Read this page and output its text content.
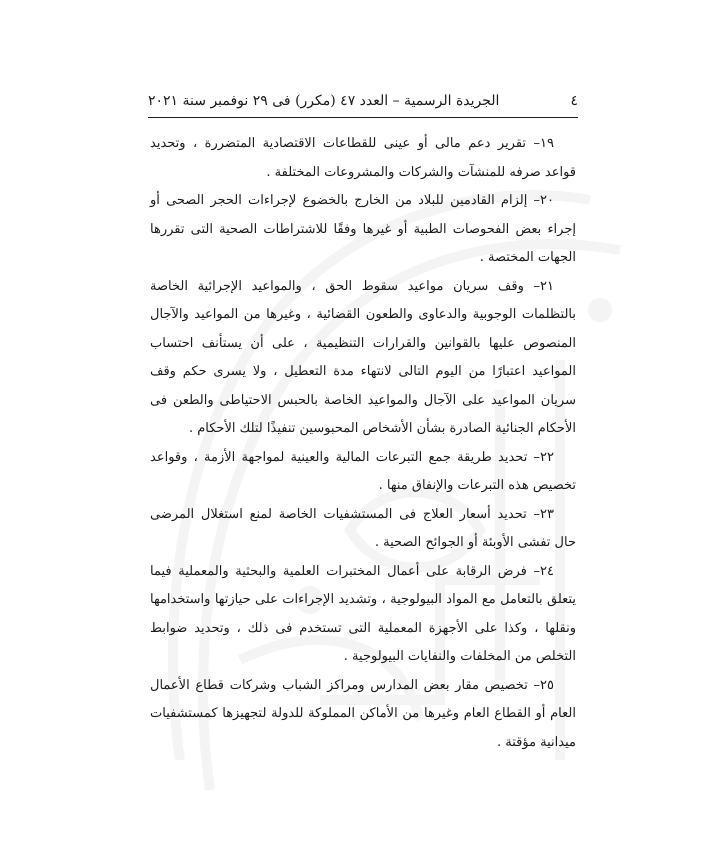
٤
الجريدة الرسمية – العدد ٤٧ (مكرر) فى ٢٩ نوفمبر سنة ٢٠٢١

١٩– تقرير دعم مالى أو عينى للقطاعات الاقتصادية المتضررة ، وتحديد قواعد صرفه للمنشآت والشركات والمشروعات المختلفة .

٢٠– إلزام القادمين للبلاد من الخارج بالخضوع لإجراءات الحجر الصحى أو إجراء بعض الفحوصات الطبية أو غيرها وفقًا للاشتراطات الصحية التى تقررها الجهات المختصة .

٢١– وقف سريان مواعيد سقوط الحق ، والمواعيد الإجرائية الخاصة بالتظلمات الوجوبية والدعاوى والطعون القضائية ، وغيرها من المواعيد والآجال المنصوص عليها بالقوانين والقرارات التنظيمية ، على أن يستأنف احتساب المواعيد اعتبارًا من اليوم التالى لانتهاء مدة التعطيل ، ولا يسرى حكم وقف سريان المواعيد على الآجال والمواعيد الخاصة بالحبس الاحتياطى والطعن فى الأحكام الجنائية الصادرة بشأن الأشخاص المحبوسين تنفيذًا لتلك الأحكام .

٢٢– تحديد طريقة جمع التبرعات المالية والعينية لمواجهة الأزمة ، وقواعد تخصيص هذه التبرعات والإنفاق منها .

٢٣– تحديد أسعار العلاج فى المستشفيات الخاصة لمنع استغلال المرضى حال تفشى الأوبئة أو الجوائح الصحية .

٢٤– فرض الرقابة على أعمال المختبرات العلمية والبحثية والمعملية فيما يتعلق بالتعامل مع المواد البيولوجية ، وتشديد الإجراءات على حيازتها واستخدامها ونقلها ، وكذا على الأجهزة المعملية التى تستخدم فى ذلك ، وتحديد ضوابط التخلص من المخلفات والنفايات البيولوجية .

٢٥– تخصيص مقار بعض المدارس ومراكز الشباب وشركات قطاع الأعمال العام أو القطاع العام وغيرها من الأماكن المملوكة للدولة لتجهيزها كمستشفيات ميدانية مؤقتة .
